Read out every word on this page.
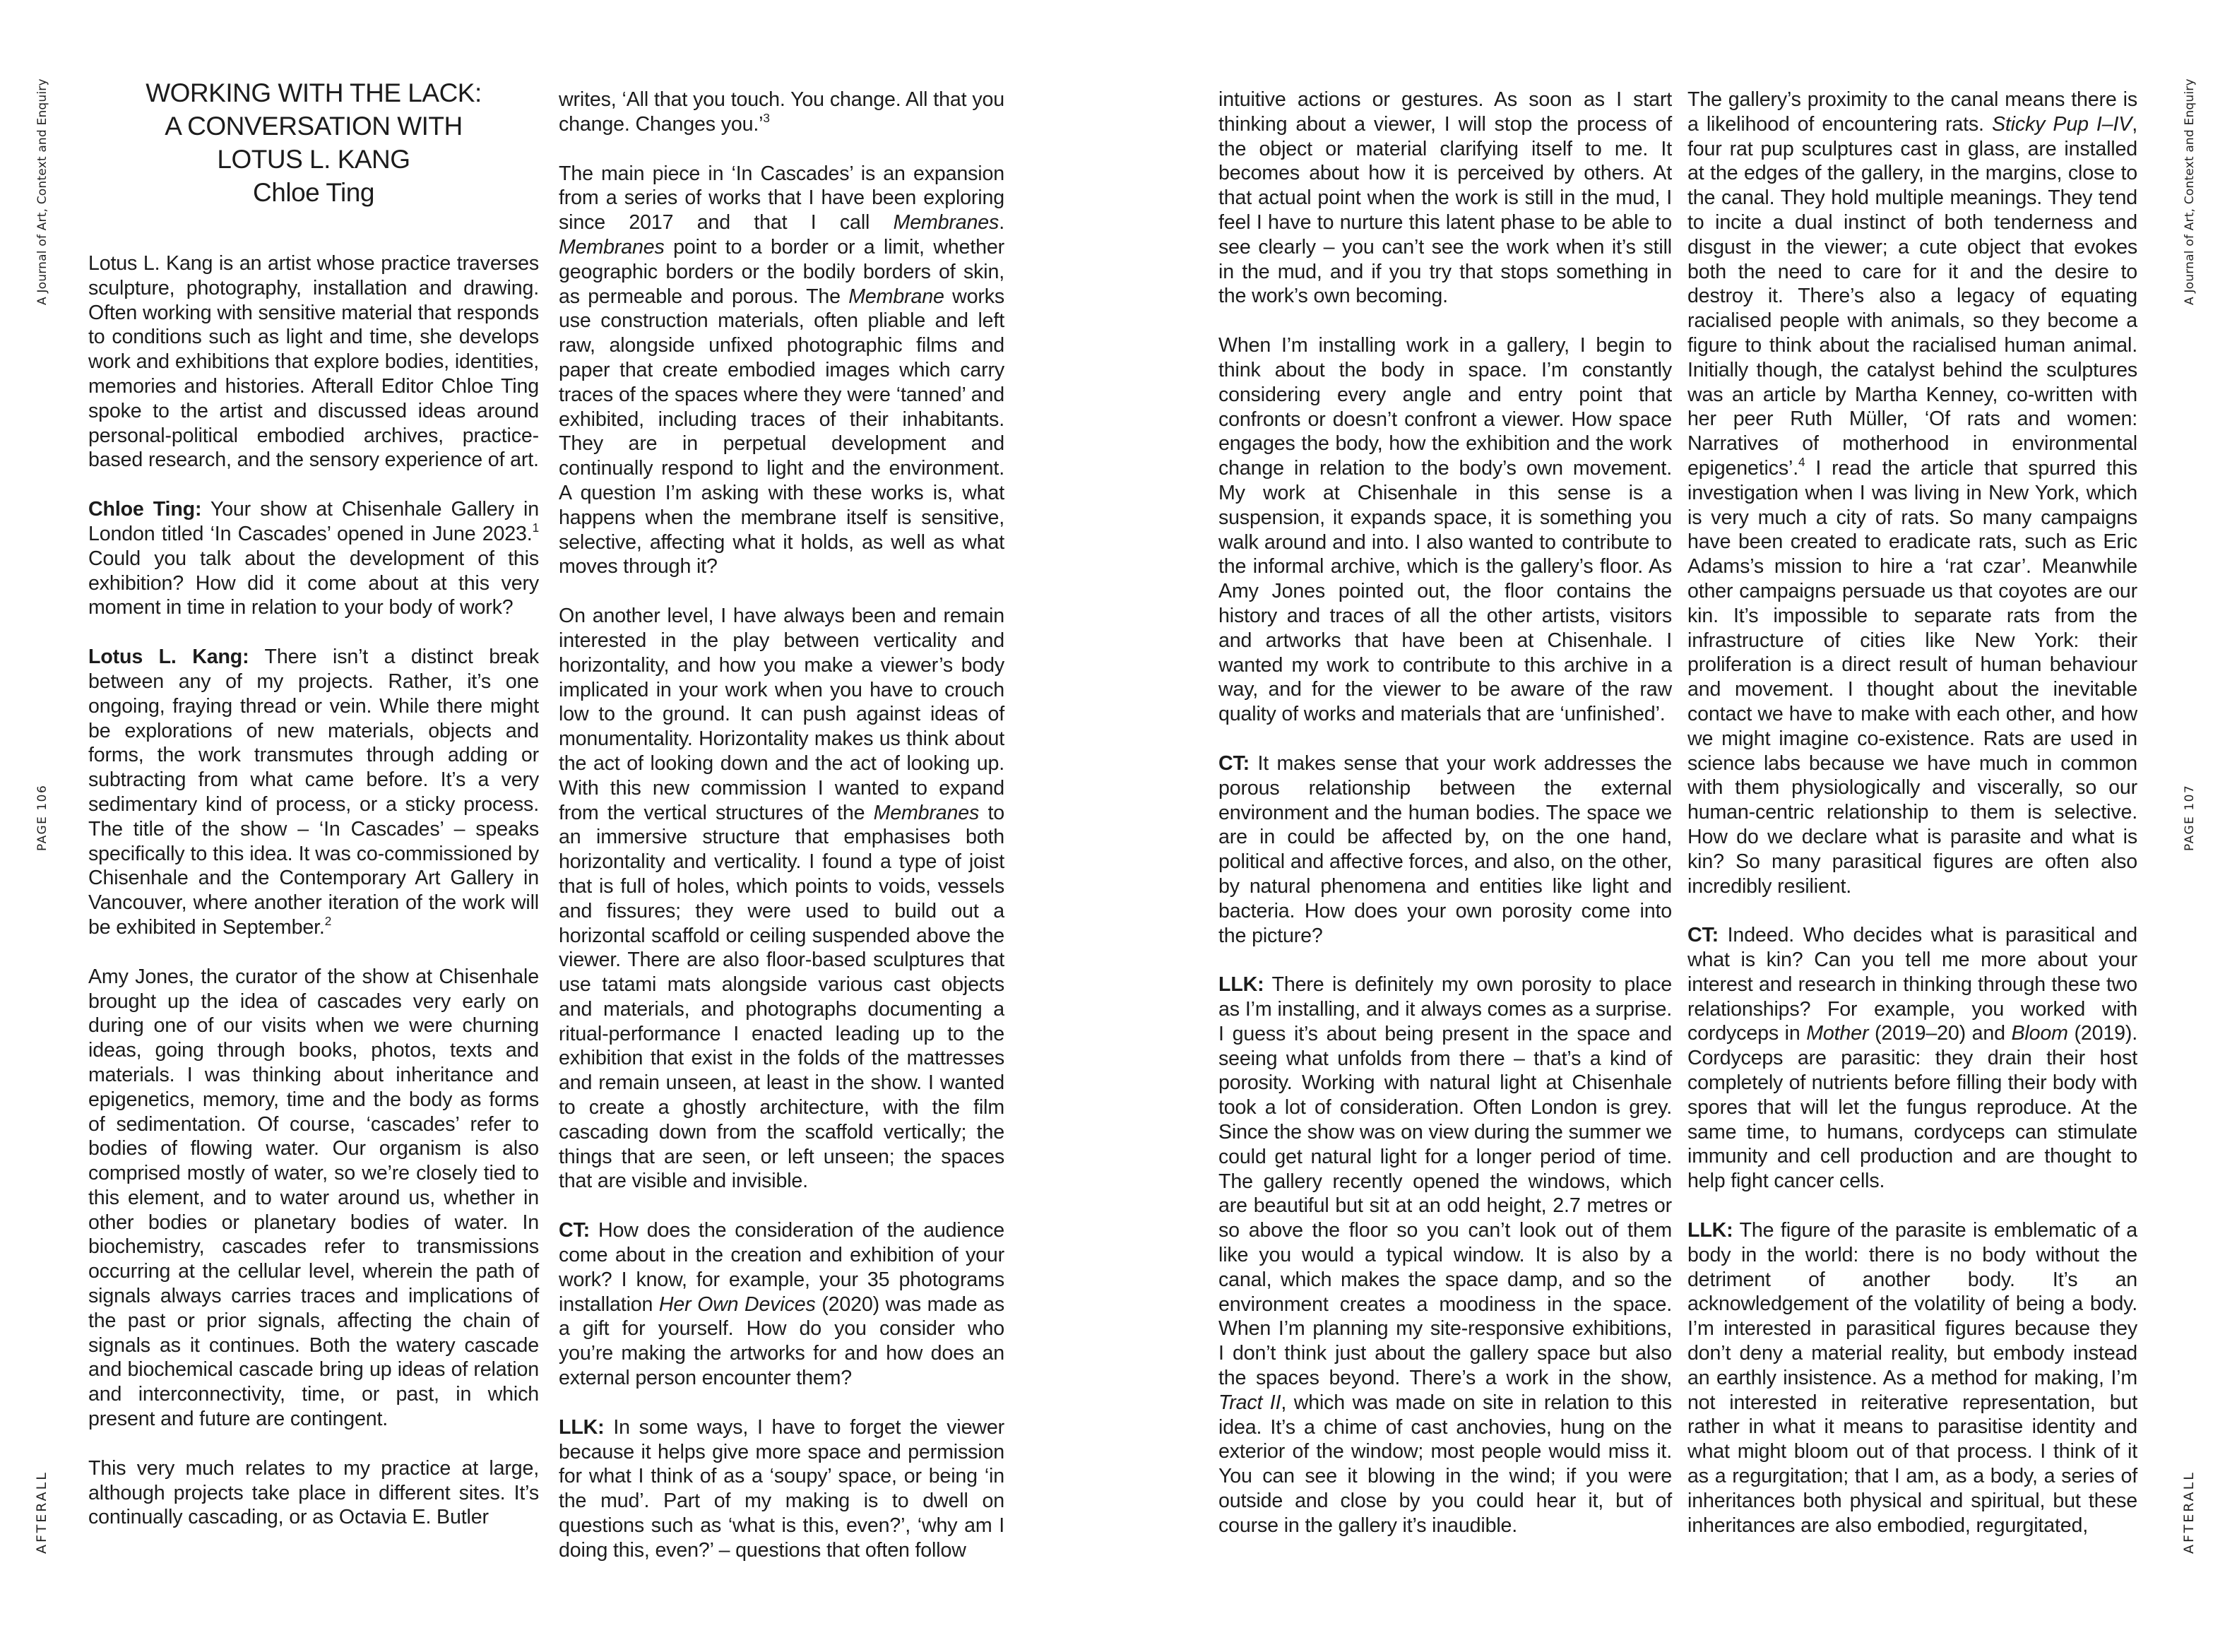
A Journal of Art, Context and Enquiry
PAGE 106
AFTERALL
A Journal of Art, Context and Enquiry
PAGE 107
AFTERALL
WORKING WITH THE LACK:
A CONVERSATION WITH
LOTUS L. KANG
Chloe Ting

Lotus L. Kang is an artist whose practice traverses sculpture, photography, installation and drawing. Often working with sensitive material that responds to conditions such as light and time, she develops work and exhibitions that explore bodies, identities, memories and histories. Afterall Editor Chloe Ting spoke to the artist and discussed ideas around personal-political embodied archives, practice-based research, and the sensory experience of art.

Chloe Ting: Your show at Chisenhale Gallery in London titled ‘In Cascades’ opened in June 2023.$^1$ Could you talk about the development of this exhibition? How did it come about at this very moment in time in relation to your body of work?

Lotus L. Kang: There isn’t a distinct break between any of my projects. Rather, it’s one ongoing, fraying thread or vein. While there might be explorations of new materials, objects and forms, the work transmutes through adding or subtracting from what came before. It’s a very sedimentary kind of process, or a sticky process. The title of the show – ‘In Cascades’ – speaks specifically to this idea. It was co-commissioned by Chisenhale and the Contemporary Art Gallery in Vancouver, where another iteration of the work will be exhibited in September.$^2$

Amy Jones, the curator of the show at Chisenhale brought up the idea of cascades very early on during one of our visits when we were churning ideas, going through books, photos, texts and materials. I was thinking about inheritance and epigenetics, memory, time and the body as forms of sedimentation. Of course, ‘cascades’ refer to bodies of flowing water. Our organism is also comprised mostly of water, so we’re closely tied to this element, and to water around us, whether in other bodies or planetary bodies of water. In biochemistry, cascades refer to transmissions occurring at the cellular level, wherein the path of signals always carries traces and implications of the past or prior signals, affecting the chain of signals as it continues. Both the watery cascade and biochemical cascade bring up ideas of relation and interconnectivity, time, or past, in which present and future are contingent.

This very much relates to my practice at large, although projects take place in different sites. It’s continually cascading, or as Octavia E. Butler

writes, ‘All that you touch. You change. All that you change. Changes you.’$^3$

The main piece in ‘In Cascades’ is an expansion from a series of works that I have been exploring since 2017 and that I call Membranes. Membranes point to a border or a limit, whether geographic borders or the bodily borders of skin, as permeable and porous. The Membrane works use construction materials, often pliable and left raw, alongside unfixed photographic films and paper that create embodied images which carry traces of the spaces where they were ‘tanned’ and exhibited, including traces of their inhabitants. They are in perpetual development and continually respond to light and the environment. A question I’m asking with these works is, what happens when the membrane itself is sensitive, selective, affecting what it holds, as well as what moves through it?

On another level, I have always been and remain interested in the play between verticality and horizontality, and how you make a viewer’s body implicated in your work when you have to crouch low to the ground. It can push against ideas of monumentality. Horizontality makes us think about the act of looking down and the act of looking up. With this new commission I wanted to expand from the vertical structures of the Membranes to an immersive structure that emphasises both horizontality and verticality. I found a type of joist that is full of holes, which points to voids, vessels and fissures; they were used to build out a horizontal scaffold or ceiling suspended above the viewer. There are also floor-based sculptures that use tatami mats alongside various cast objects and materials, and photographs documenting a ritual-performance I enacted leading up to the exhibition that exist in the folds of the mattresses and remain unseen, at least in the show. I wanted to create a ghostly architecture, with the film cascading down from the scaffold vertically; the things that are seen, or left unseen; the spaces that are visible and invisible.

CT: How does the consideration of the audience come about in the creation and exhibition of your work? I know, for example, your 35 photograms installation Her Own Devices (2020) was made as a gift for yourself. How do you consider who you’re making the artworks for and how does an external person encounter them?

LLK: In some ways, I have to forget the viewer because it helps give more space and permission for what I think of as a ‘soupy’ space, or being ‘in the mud’. Part of my making is to dwell on questions such as ‘what is this, even?’, ‘why am I doing this, even?’ – questions that often follow

intuitive actions or gestures. As soon as I start thinking about a viewer, I will stop the process of the object or material clarifying itself to me. It becomes about how it is perceived by others. At that actual point when the work is still in the mud, I feel I have to nurture this latent phase to be able to see clearly – you can’t see the work when it’s still in the mud, and if you try that stops something in the work’s own becoming.

When I’m installing work in a gallery, I begin to think about the body in space. I’m constantly considering every angle and entry point that confronts or doesn’t confront a viewer. How space engages the body, how the exhibition and the work change in relation to the body’s own movement. My work at Chisenhale in this sense is a suspension, it expands space, it is something you walk around and into. I also wanted to contribute to the informal archive, which is the gallery’s floor. As Amy Jones pointed out, the floor contains the history and traces of all the other artists, visitors and artworks that have been at Chisenhale. I wanted my work to contribute to this archive in a way, and for the viewer to be aware of the raw quality of works and materials that are ‘unfinished’.

CT: It makes sense that your work addresses the porous relationship between the external environment and the human bodies. The space we are in could be affected by, on the one hand, political and affective forces, and also, on the other, by natural phenomena and entities like light and bacteria. How does your own porosity come into the picture?

LLK: There is definitely my own porosity to place as I’m installing, and it always comes as a surprise. I guess it’s about being present in the space and seeing what unfolds from there – that’s a kind of porosity. Working with natural light at Chisenhale took a lot of consideration. Often London is grey. Since the show was on view during the summer we could get natural light for a longer period of time. The gallery recently opened the windows, which are beautiful but sit at an odd height, 2.7 metres or so above the floor so you can’t look out of them like you would a typical window. It is also by a canal, which makes the space damp, and so the environment creates a moodiness in the space. When I’m planning my site-responsive exhibitions, I don’t think just about the gallery space but also the spaces beyond. There’s a work in the show, Tract II, which was made on site in relation to this idea. It’s a chime of cast anchovies, hung on the exterior of the window; most people would miss it. You can see it blowing in the wind; if you were outside and close by you could hear it, but of course in the gallery it’s inaudible.

The gallery’s proximity to the canal means there is a likelihood of encountering rats. Sticky Pup I–IV, four rat pup sculptures cast in glass, are installed at the edges of the gallery, in the margins, close to the canal. They hold multiple meanings. They tend to incite a dual instinct of both tenderness and disgust in the viewer; a cute object that evokes both the need to care for it and the desire to destroy it. There’s also a legacy of equating racialised people with animals, so they become a figure to think about the racialised human animal. Initially though, the catalyst behind the sculptures was an article by Martha Kenney, co-written with her peer Ruth Müller, ‘Of rats and women: Narratives of motherhood in environmental epigenetics’.$^4$ I read the article that spurred this investigation when I was living in New York, which is very much a city of rats. So many campaigns have been created to eradicate rats, such as Eric Adams’s mission to hire a ‘rat czar’. Meanwhile other campaigns persuade us that coyotes are our kin. It’s impossible to separate rats from the infrastructure of cities like New York: their proliferation is a direct result of human behaviour and movement. I thought about the inevitable contact we have to make with each other, and how we might imagine co-existence. Rats are used in science labs because we have much in common with them physiologically and viscerally, so our human-centric relationship to them is selective. How do we declare what is parasite and what is kin? So many parasitical figures are often also incredibly resilient.

CT: Indeed. Who decides what is parasitical and what is kin? Can you tell me more about your interest and research in thinking through these two relationships? For example, you worked with cordyceps in Mother (2019–20) and Bloom (2019). Cordyceps are parasitic: they drain their host completely of nutrients before filling their body with spores that will let the fungus reproduce. At the same time, to humans, cordyceps can stimulate immunity and cell production and are thought to help fight cancer cells.

LLK: The figure of the parasite is emblematic of a body in the world: there is no body without the detriment of another body. It’s an acknowledgement of the volatility of being a body. I’m interested in parasitical figures because they don’t deny a material reality, but embody instead an earthly insistence. As a method for making, I’m not interested in reiterative representation, but rather in what it means to parasitise identity and what might bloom out of that process. I think of it as a regurgitation; that I am, as a body, a series of inheritances both physical and spiritual, but these inheritances are also embodied, regurgitated,
